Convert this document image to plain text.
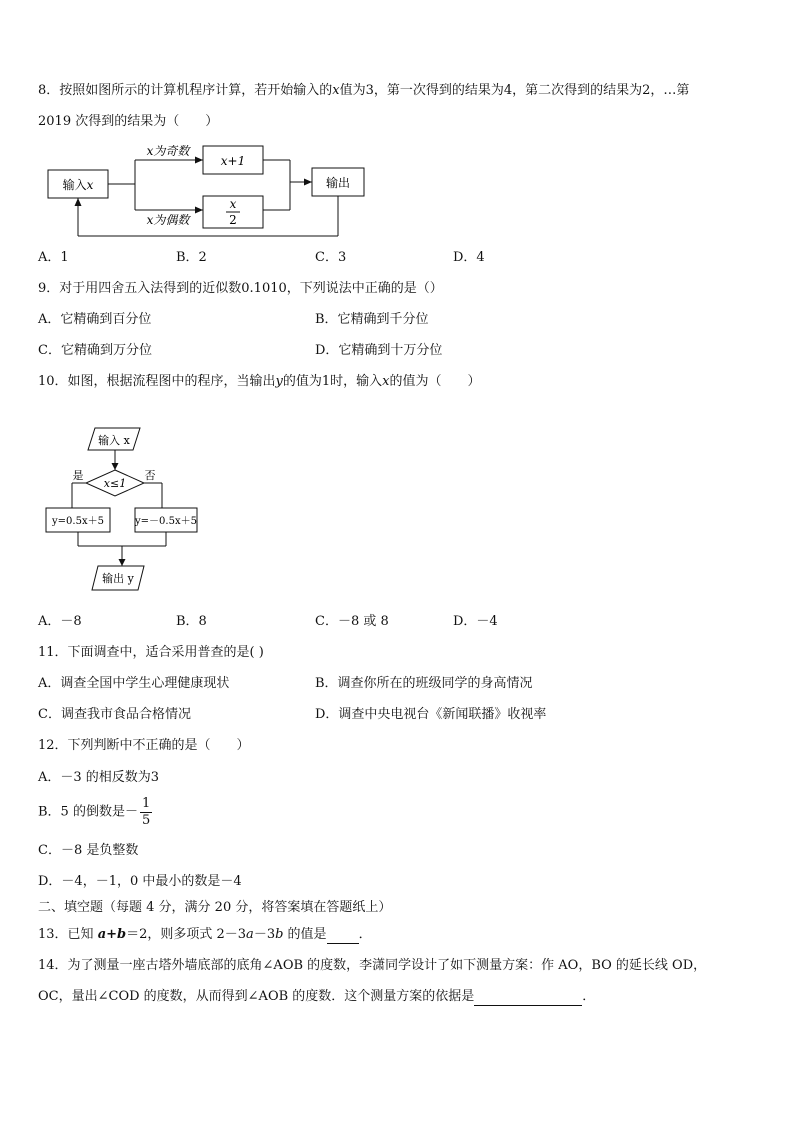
8．按照如图所示的计算机程序计算，若开始输入的𝑥值为3，第一次得到的结果为4，第二次得到的结果为2，…第
2019 次得到的结果为（　　）
输入𝑥
𝑥为奇数
𝑥为偶数
𝑥+1
x
2
输出
A．1	B．2	C．3	D．4
9．对于用四舍五入法得到的近似数0.1010，下列说法中正确的是（）
A．它精确到百分位	B．它精确到千分位
C．它精确到万分位	D．它精确到十万分位
10．如图，根据流程图中的程序，当输出𝑦的值为1时，输入𝑥的值为（　　）
输入 x
x≤1
是	否
y=0.5x＋5	y=－0.5x＋5
输出 y
A．－8	B．8	C．－8 或 8	D．－4
11．下面调查中，适合采用普查的是( )
A．调查全国中学生心理健康现状	B．调查你所在的班级同学的身高情况
C．调查我市食品合格情况	D．调查中央电视台《新闻联播》收视率
12．下列判断中不正确的是（　　）
A．－3 的相反数为3
B．5 的倒数是－ $\frac{1}{5}$
C．－8 是负整数
D．－4，－1，0 中最小的数是－4
二、填空题（每题 4 分，满分 20 分，将答案填在答题纸上）
13．已知 a+b＝2，则多项式 2－3a－3b 的值是 ．
14．为了测量一座古塔外墙底部的底角∠AOB 的度数，李潇同学设计了如下测量方案：作 AO，BO 的延长线 OD，
OC，量出∠COD 的度数，从而得到∠AOB 的度数．这个测量方案的依据是	．
